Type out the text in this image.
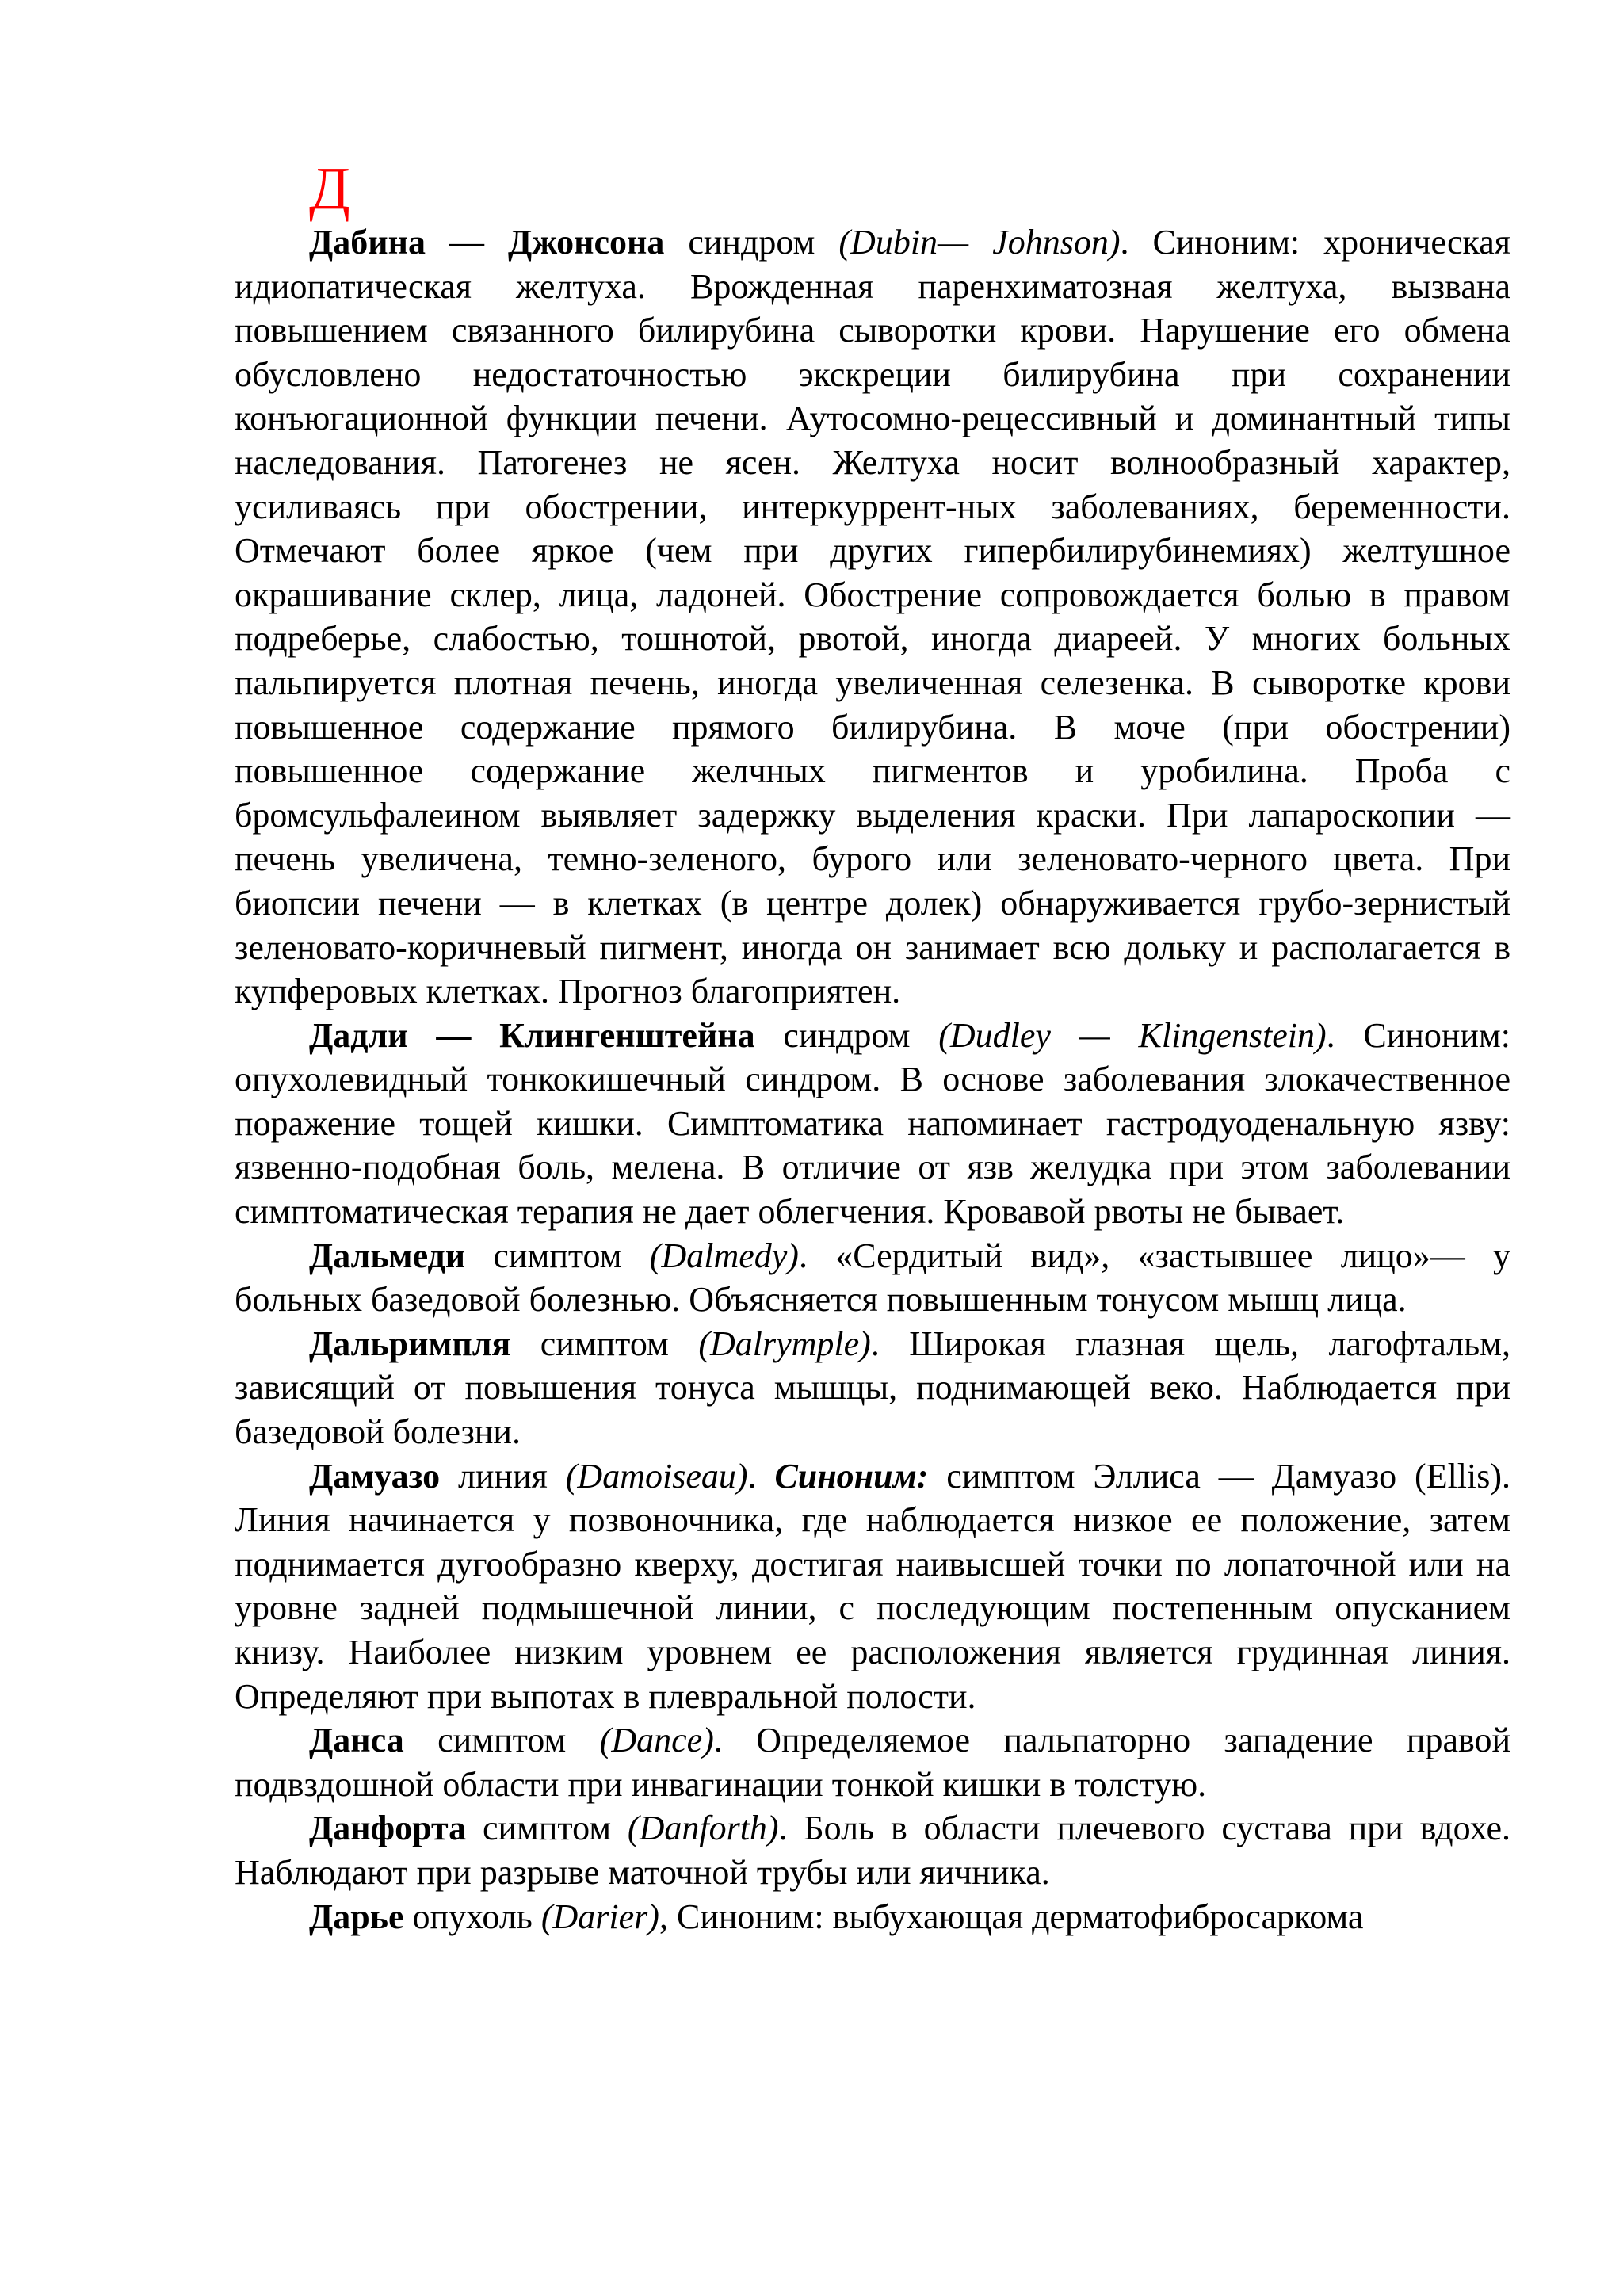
Д

Дабина — Джонсона синдром (Dubin— Johnson). Синоним: хроническая идиопатическая желтуха. Врожденная паренхиматозная желтуха, вызвана повышением связанного билирубина сыворотки крови. Нарушение его обмена обусловлено недостаточностью экскреции билирубина при сохранении конъюгационной функции печени. Аутосомно-рецессивный и доминантный типы наследования. Патогенез не ясен. Желтуха носит волнообразный характер, усиливаясь при обострении, интеркуррент-ных заболеваниях, беременности. Отмечают более яркое (чем при других гипербилирубинемиях) желтушное окрашивание склер, лица, ладоней. Обострение сопровождается болью в правом подреберье, слабостью, тошнотой, рвотой, иногда диареей. У многих больных пальпируется плотная печень, иногда увеличенная селезенка. В сыворотке крови повышенное содержание прямого билирубина. В моче (при обострении) повышенное содержание желчных пигментов и уробилина. Проба с бромсульфалеином выявляет задержку выделения краски. При лапароскопии — печень увеличена, темно-зеленого, бурого или зеленовато-черного цвета. При биопсии печени — в клетках (в центре долек) обнаруживается грубо-зернистый зеленовато-коричневый пигмент, иногда он занимает всю дольку и располагается в купферовых клетках. Прогноз благоприятен.

Дадли — Клингенштейна синдром (Dudley — Klingenstein). Синоним: опухолевидный тонкокишечный синдром. В основе заболевания злокачественное поражение тощей кишки. Симптоматика напоминает гастродуоденальную язву: язвенно-подобная боль, мелена. В отличие от язв желудка при этом заболевании симптоматическая терапия не дает облегчения. Кровавой рвоты не бывает.

Дальмеди симптом (Dalmedy). «Сердитый вид», «застывшее лицо»— у больных базедовой болезнью. Объясняется повышенным тонусом мышц лица.

Дальримпля симптом (Dalrymple). Широкая глазная щель, лагофтальм, зависящий от повышения тонуса мышцы, поднимающей веко. Наблюдается при базедовой болезни.

Дамуазо линия (Damoiseau). Синоним: симптом Эллиса — Дамуазо (Ellis). Линия начинается у позвоночника, где наблюдается низкое ее положение, затем поднимается дугообразно кверху, достигая наивысшей точки по лопаточной или на уровне задней подмышечной линии, с последующим постепенным опусканием книзу. Наиболее низким уровнем ее расположения является грудинная линия. Определяют при выпотах в плевральной полости.

Данса симптом (Dance). Определяемое пальпаторно западение правой подвздошной области при инвагинации тонкой кишки в толстую.

Данфорта симптом (Danforth). Боль в области плечевого сустава при вдохе. Наблюдают при разрыве маточной трубы или яичника.

Дарье опухоль (Darier), Синоним: выбухающая дерматофибросаркома
